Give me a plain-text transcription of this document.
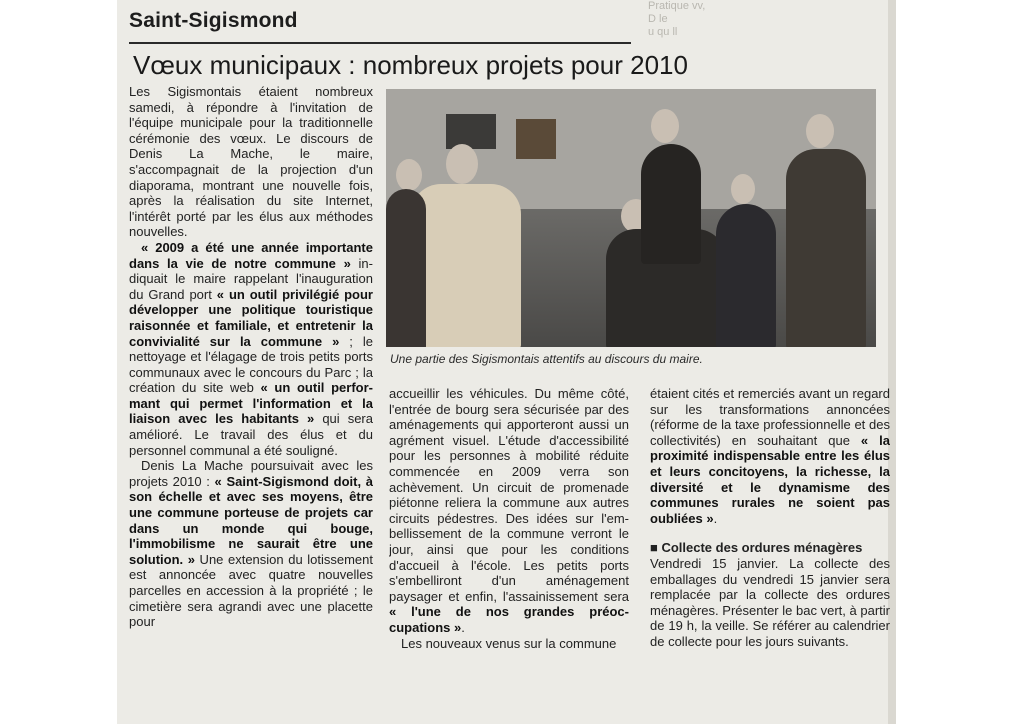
Pratique vv,
D le
u qu ll
Saint-Sigismond
Vœux municipaux : nombreux projets pour 2010

Les Sigismontais étaient nombreux samedi, à répondre à l'invitation de l'équipe municipale pour la traditionnelle cérémonie des vœux. Le discours de Denis La Mache, le maire, s'accompagnait de la projection d'un diaporama, montrant une nouvelle fois, après la réalisation du site Internet, l'intérêt porté par les élus aux méthodes nouvelles.

« 2009 a été une année importante dans la vie de notre commune » indiquait le maire rappelant l'inauguration du Grand port « un outil privilégié pour développer une politique touristique raisonnée et familiale, et entretenir la convivialité sur la commune » ; le nettoyage et l'élagage de trois petits ports communaux avec le concours du Parc ; la création du site web « un outil performant qui permet l'information et la liaison avec les habitants » qui sera amélioré. Le travail des élus et du personnel communal a été souligné.

Denis La Mache poursuivait avec les projets 2010 : « Saint-Sigismond doit, à son échelle et avec ses moyens, être une commune porteuse de projets car dans un monde qui bouge, l'immobilisme ne saurait être une solution. » Une extension du lotissement est annoncée avec quatre nouvelles parcelles en accession à la propriété ; le cimetière sera agrandi avec une placette pour

Une partie des Sigismontais attentifs au discours du maire.

accueillir les véhicules. Du même côté, l'entrée de bourg sera sécurisée par des aménagements qui apporteront aussi un agrément visuel. L'étude d'accessibilité pour les personnes à mobilité réduite commencée en 2009 verra son achèvement. Un circuit de promenade piétonne reliera la commune aux autres circuits pédestres. Des idées sur l'embellissement de la commune verront le jour, ainsi que pour les conditions d'accueil à l'école. Les petits ports s'embelliront d'un aménagement paysager et enfin, l'assainissement sera « l'une de nos grandes préoccupations ».

Les nouveaux venus sur la commune

étaient cités et remerciés avant un regard sur les transformations annoncées (réforme de la taxe professionnelle et des collectivités) en souhaitant que « la proximité indispensable entre les élus et leurs concitoyens, la richesse, la diversité et le dynamisme des communes rurales ne soient pas oubliées ».

■ Collecte des ordures ménagères

Vendredi 15 janvier. La collecte des emballages du vendredi 15 janvier sera remplacée par la collecte des ordures ménagères. Présenter le bac vert, à partir de 19 h, la veille. Se référer au calendrier de collecte pour les jours suivants.
